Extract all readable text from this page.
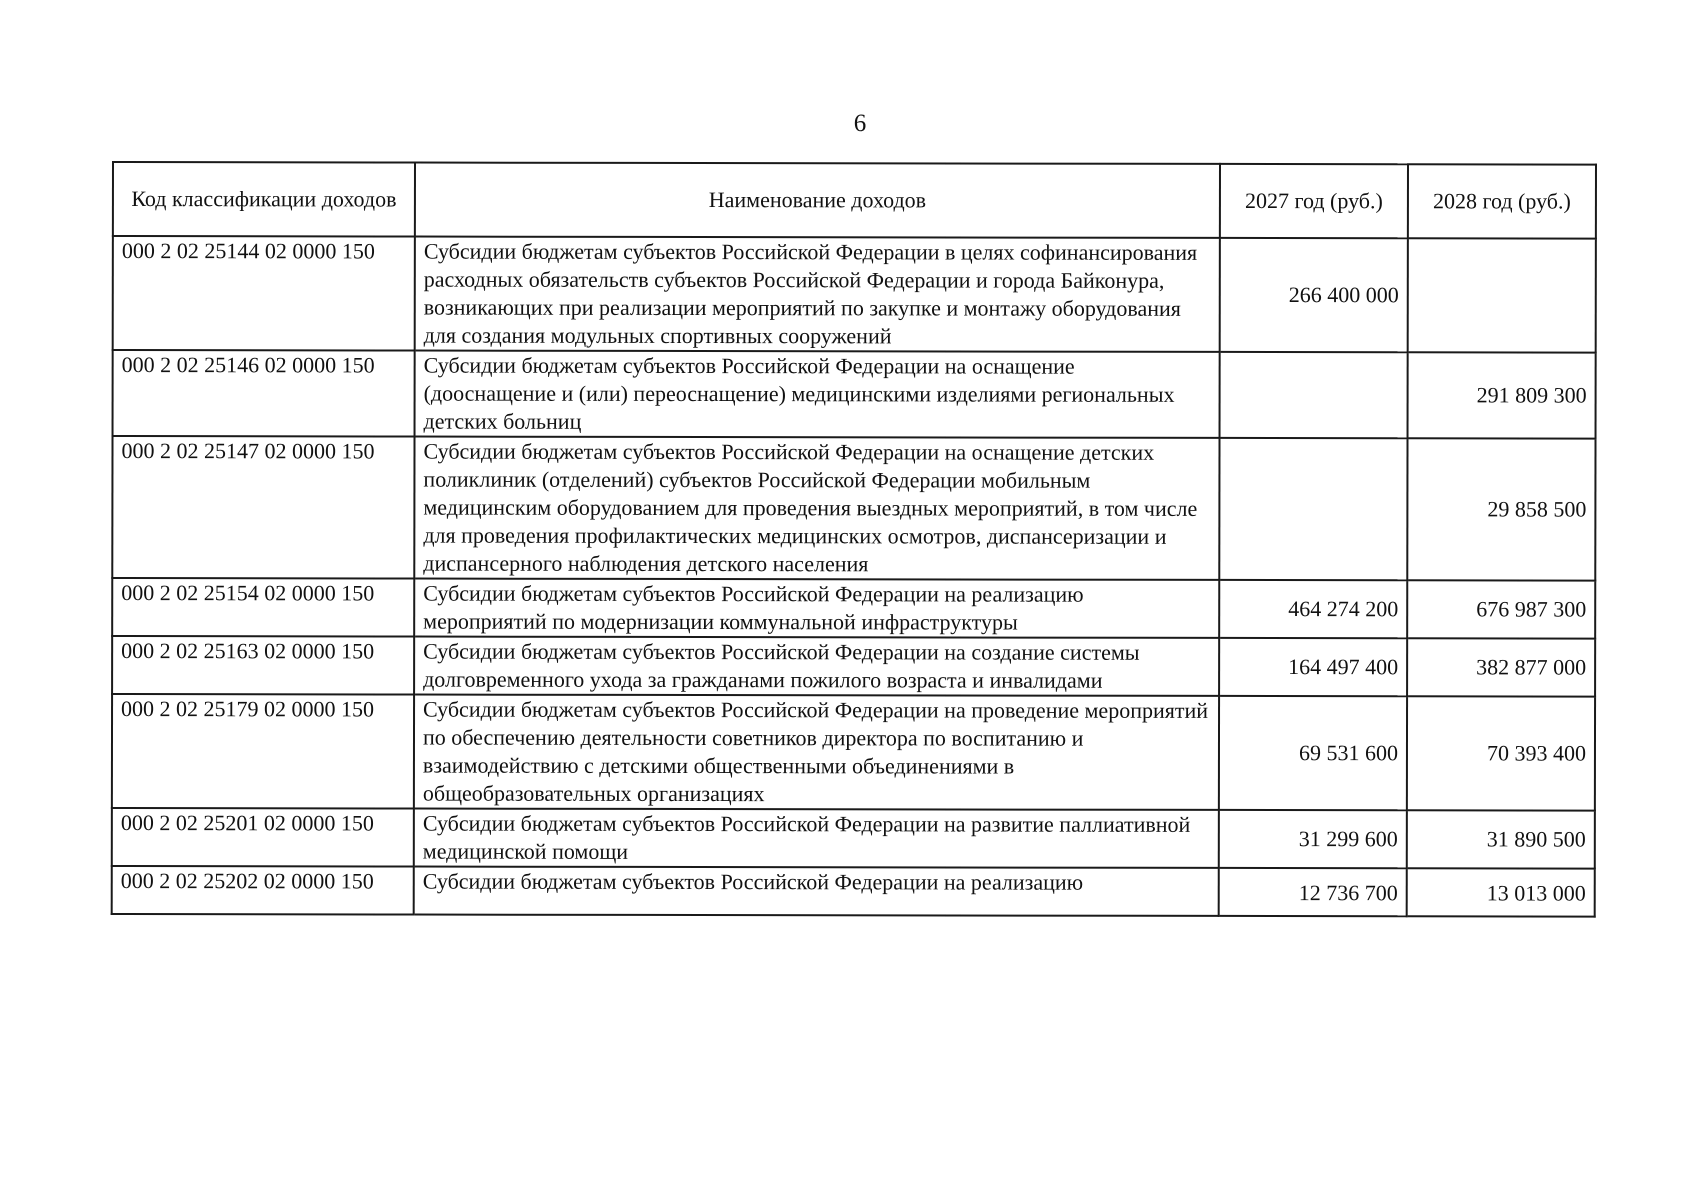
6
Код классификации доходов	Наименование доходов	2027 год (руб.)	2028 год (руб.)
000 2 02 25144 02 0000 150	Субсидии бюджетам субъектов Российской Федерации в целях софинансирования расходных обязательств субъектов Российской Федерации и города Байконура, возникающих при реализации мероприятий по закупке и монтажу оборудования для создания модульных спортивных сооружений	266 400 000	
000 2 02 25146 02 0000 150	Субсидии бюджетам субъектов Российской Федерации на оснащение (дооснащение и (или) переоснащение) медицинскими изделиями региональных детских больниц		291 809 300
000 2 02 25147 02 0000 150	Субсидии бюджетам субъектов Российской Федерации на оснащение детских поликлиник (отделений) субъектов Российской Федерации мобильным медицинским оборудованием для проведения выездных мероприятий, в том числе для проведения профилактических медицинских осмотров, диспансеризации и диспансерного наблюдения детского населения		29 858 500
000 2 02 25154 02 0000 150	Субсидии бюджетам субъектов Российской Федерации на реализацию мероприятий по модернизации коммунальной инфраструктуры	464 274 200	676 987 300
000 2 02 25163 02 0000 150	Субсидии бюджетам субъектов Российской Федерации на создание системы долговременного ухода за гражданами пожилого возраста и инвалидами	164 497 400	382 877 000
000 2 02 25179 02 0000 150	Субсидии бюджетам субъектов Российской Федерации на проведение мероприятий по обеспечению деятельности советников директора по воспитанию и взаимодействию с детскими общественными объединениями в общеобразовательных организациях	69 531 600	70 393 400
000 2 02 25201 02 0000 150	Субсидии бюджетам субъектов Российской Федерации на развитие паллиативной медицинской помощи	31 299 600	31 890 500
000 2 02 25202 02 0000 150	Субсидии бюджетам субъектов Российской Федерации на реализацию	12 736 700	13 013 000
